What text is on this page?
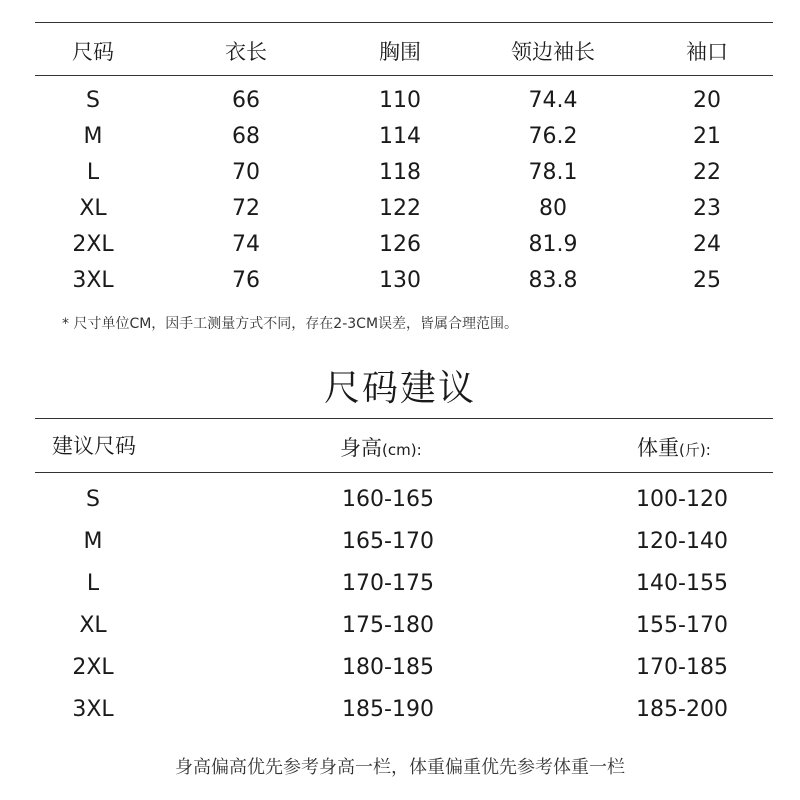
尺码	衣长	胸围	领边袖长	袖口
S	66	110	74.4	20
M	68	114	76.2	21
L	70	118	78.1	22
XL	72	122	80	23
2XL	74	126	81.9	24
3XL	76	130	83.8	25
* 尺寸单位CM，因手工测量方式不同，存在2-3CM误差，皆属合理范围。
尺码建议
建议尺码	身高(cm):	体重(斤):
S	160-165	100-120
M	165-170	120-140
L	170-175	140-155
XL	175-180	155-170
2XL	180-185	170-185
3XL	185-190	185-200
身高偏高优先参考身高一栏，体重偏重优先参考体重一栏
